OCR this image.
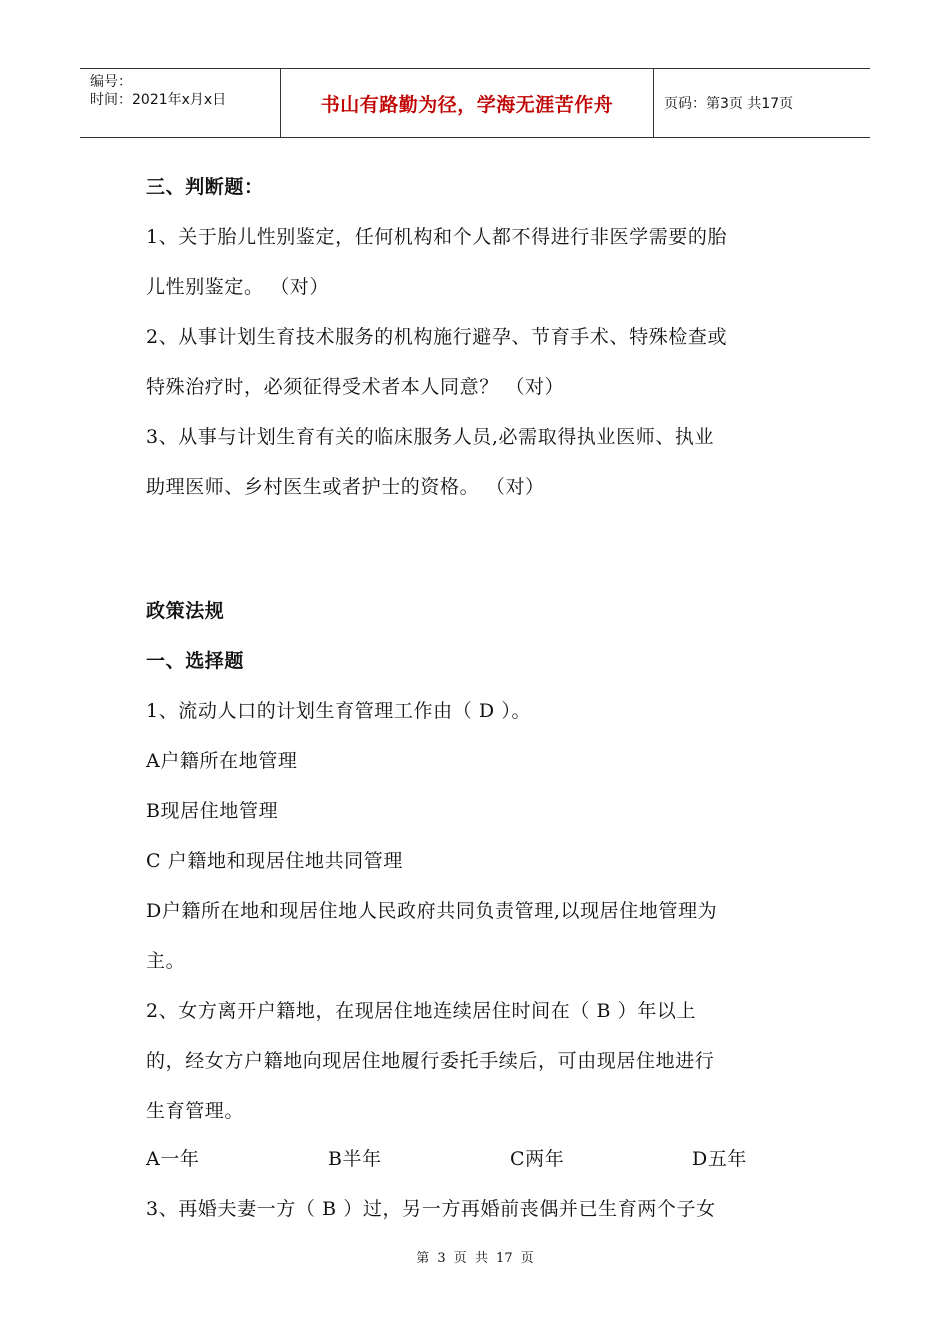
编号：
时间：2021年x月x日	书山有路勤为径，学海无涯苦作舟	页码：第3页 共17页
三、判断题：
1、关于胎儿性别鉴定，任何机构和个人都不得进行非医学需要的胎
儿性别鉴定。 （对）
2、从事计划生育技术服务的机构施行避孕、节育手术、特殊检查或
特殊治疗时，必须征得受术者本人同意？ （对）
3、从事与计划生育有关的临床服务人员,必需取得执业医师、执业
助理医师、乡村医生或者护士的资格。 （对）
政策法规
一、选择题
1、流动人口的计划生育管理工作由（ D ）。
A户籍所在地管理
B现居住地管理
C 户籍地和现居住地共同管理
D户籍所在地和现居住地人民政府共同负责管理,以现居住地管理为
主。
2、女方离开户籍地，在现居住地连续居住时间在（ B ）年以上
的，经女方户籍地向现居住地履行委托手续后，可由现居住地进行
生育管理。
A一年	B半年	C两年	D五年
3、再婚夫妻一方（ B ）过，另一方再婚前丧偶并已生育两个子女
第 3 页 共 17 页
